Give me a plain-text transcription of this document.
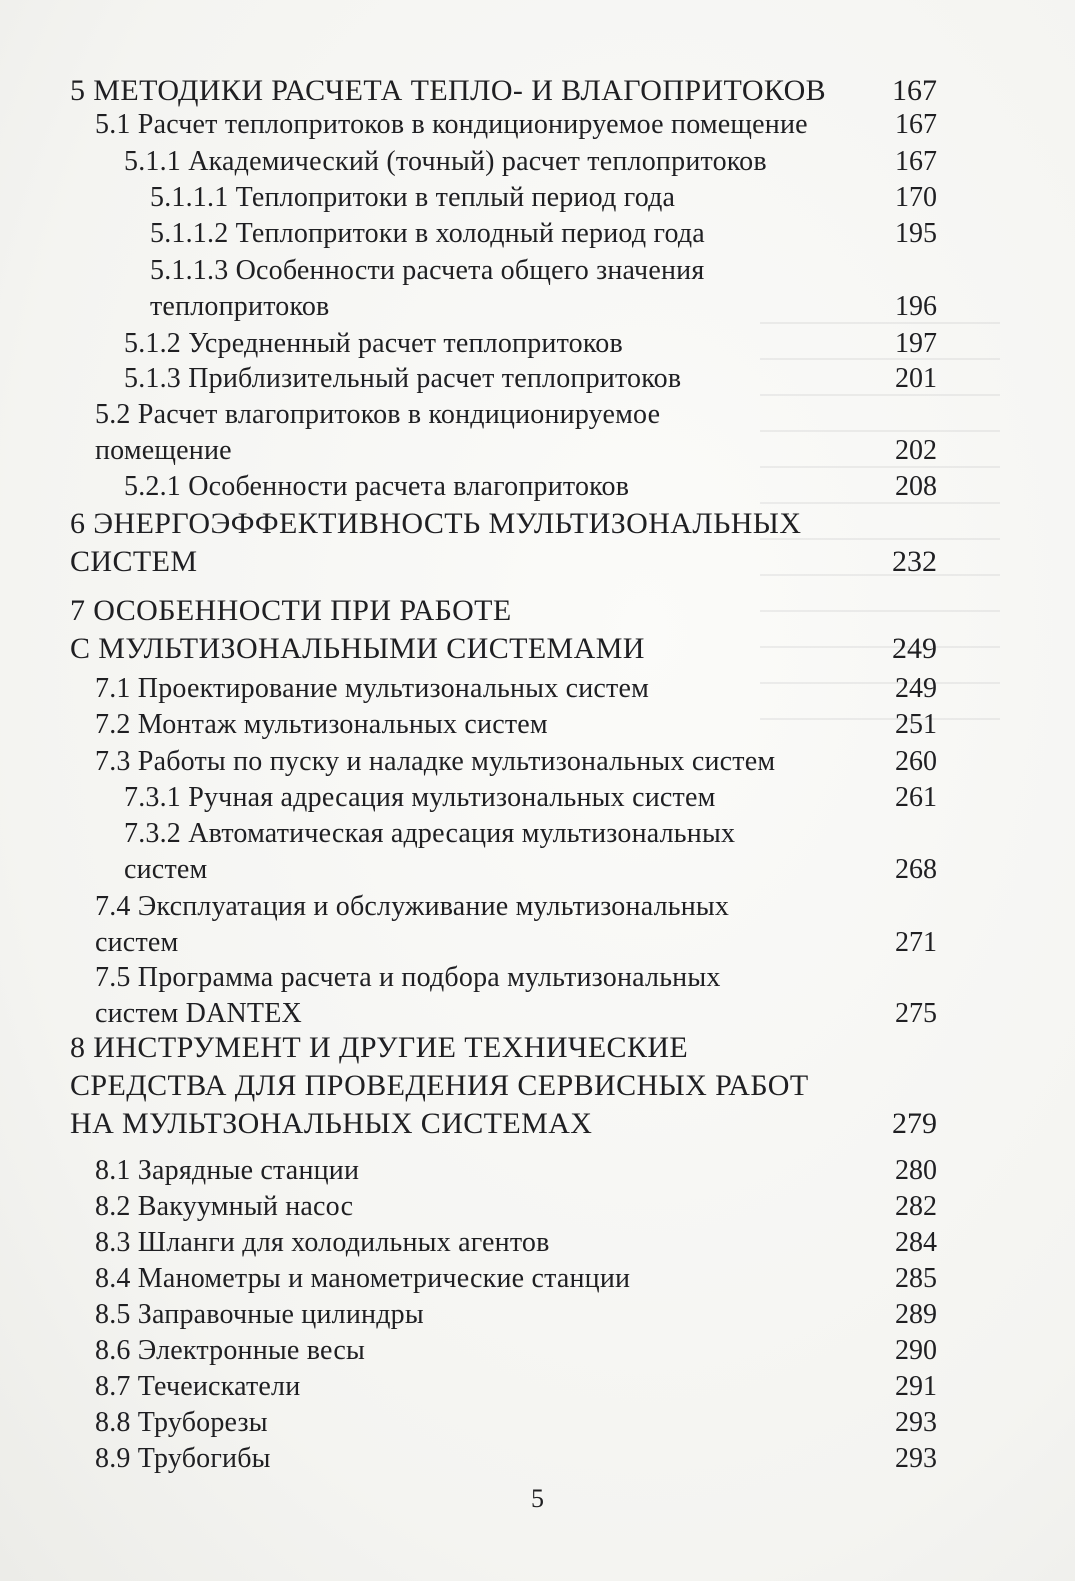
5 МЕТОДИКИ РАСЧЕТА ТЕПЛО- И ВЛАГОПРИТОКОВ	167
5.1 Расчет теплопритоков в кондиционируемое помещение	167
5.1.1 Академический (точный) расчет теплопритоков	167
5.1.1.1 Теплопритоки в теплый период года	170
5.1.1.2 Теплопритоки в холодный период года	195
5.1.1.3 Особенности расчета общего значения
теплопритоков	196
5.1.2 Усредненный расчет теплопритоков	197
5.1.3 Приблизительный расчет теплопритоков	201
5.2 Расчет влагопритоков в кондиционируемое
помещение	202
5.2.1 Особенности расчета влагопритоков	208
6 ЭНЕРГОЭФФЕКТИВНОСТЬ МУЛЬТИЗОНАЛЬНЫХ
СИСТЕМ	232
7 ОСОБЕННОСТИ ПРИ РАБОТЕ
С МУЛЬТИЗОНАЛЬНЫМИ СИСТЕМАМИ	249
7.1 Проектирование мультизональных систем	249
7.2 Монтаж мультизональных систем	251
7.3 Работы по пуску и наладке мультизональных систем	260
7.3.1 Ручная адресация мультизональных систем	261
7.3.2 Автоматическая адресация мультизональных
систем	268
7.4 Эксплуатация и обслуживание мультизональных
систем	271
7.5 Программа расчета и подбора мультизональных
систем DANTEX	275
8 ИНСТРУМЕНТ И ДРУГИЕ ТЕХНИЧЕСКИЕ
СРЕДСТВА ДЛЯ ПРОВЕДЕНИЯ СЕРВИСНЫХ РАБОТ
НА МУЛЬТЗОНАЛЬНЫХ СИСТЕМАХ	279
8.1 Зарядные станции	280
8.2 Вакуумный насос	282
8.3 Шланги для холодильных агентов	284
8.4 Манометры и манометрические станции	285
8.5 Заправочные цилиндры	289
8.6 Электронные весы	290
8.7 Течеискатели	291
8.8 Труборезы	293
8.9 Трубогибы	293
5
